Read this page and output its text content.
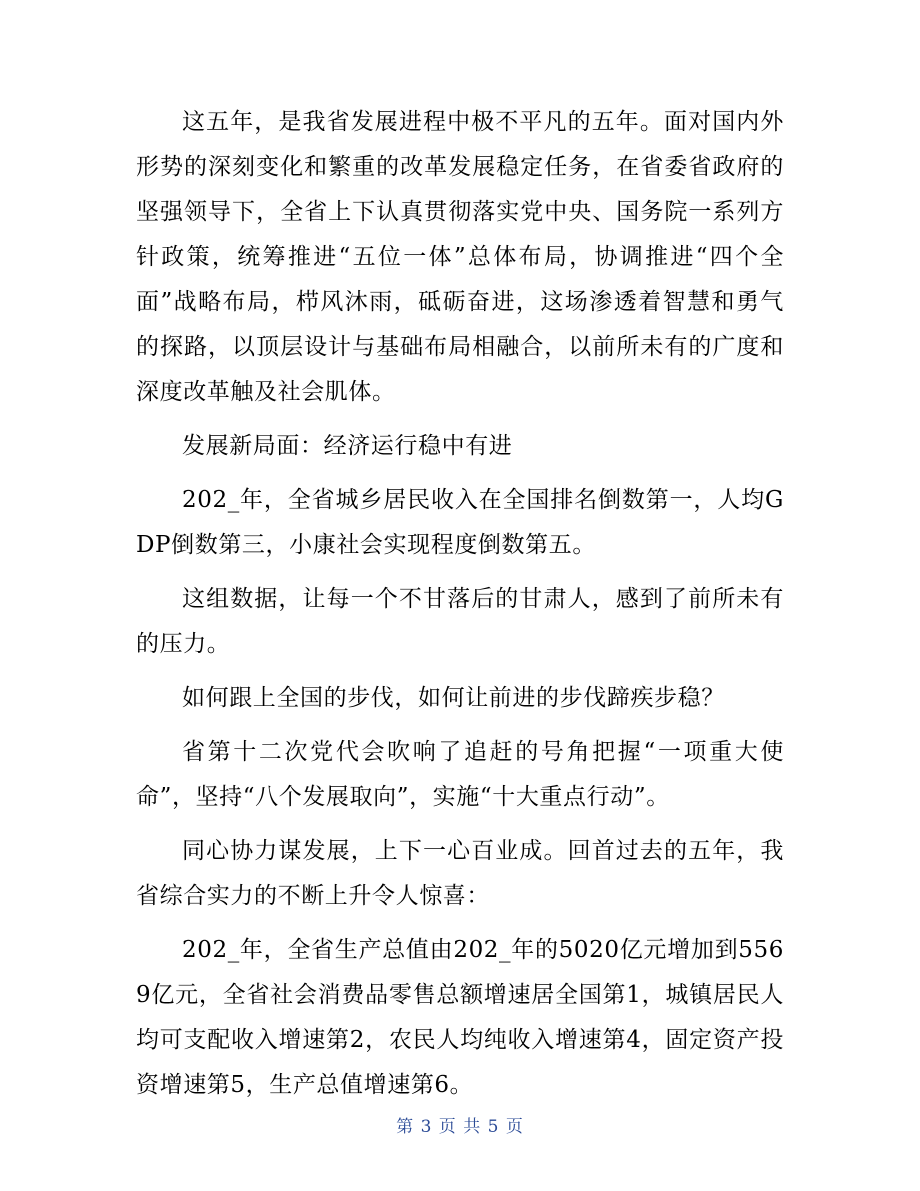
这五年，是我省发展进程中极不平凡的五年。面对国内外形势的深刻变化和繁重的改革发展稳定任务，在省委省政府的坚强领导下，全省上下认真贯彻落实党中央、国务院一系列方针政策，统筹推进“五位一体”总体布局，协调推进“四个全面”战略布局，栉风沐雨，砥砺奋进，这场渗透着智慧和勇气的探路，以顶层设计与基础布局相融合，以前所未有的广度和深度改革触及社会肌体。

发展新局面：经济运行稳中有进

202_年，全省城乡居民收入在全国排名倒数第一，人均GDP倒数第三，小康社会实现程度倒数第五。

这组数据，让每一个不甘落后的甘肃人，感到了前所未有的压力。

如何跟上全国的步伐，如何让前进的步伐蹄疾步稳？

省第十二次党代会吹响了追赶的号角把握“一项重大使命”，坚持“八个发展取向”，实施“十大重点行动”。

同心协力谋发展，上下一心百业成。回首过去的五年，我省综合实力的不断上升令人惊喜：

202_年，全省生产总值由202_年的5020亿元增加到5569亿元，全省社会消费品零售总额增速居全国第1，城镇居民人均可支配收入增速第2，农民人均纯收入增速第4，固定资产投资增速第5，生产总值增速第6。

第 3 页 共 5 页
